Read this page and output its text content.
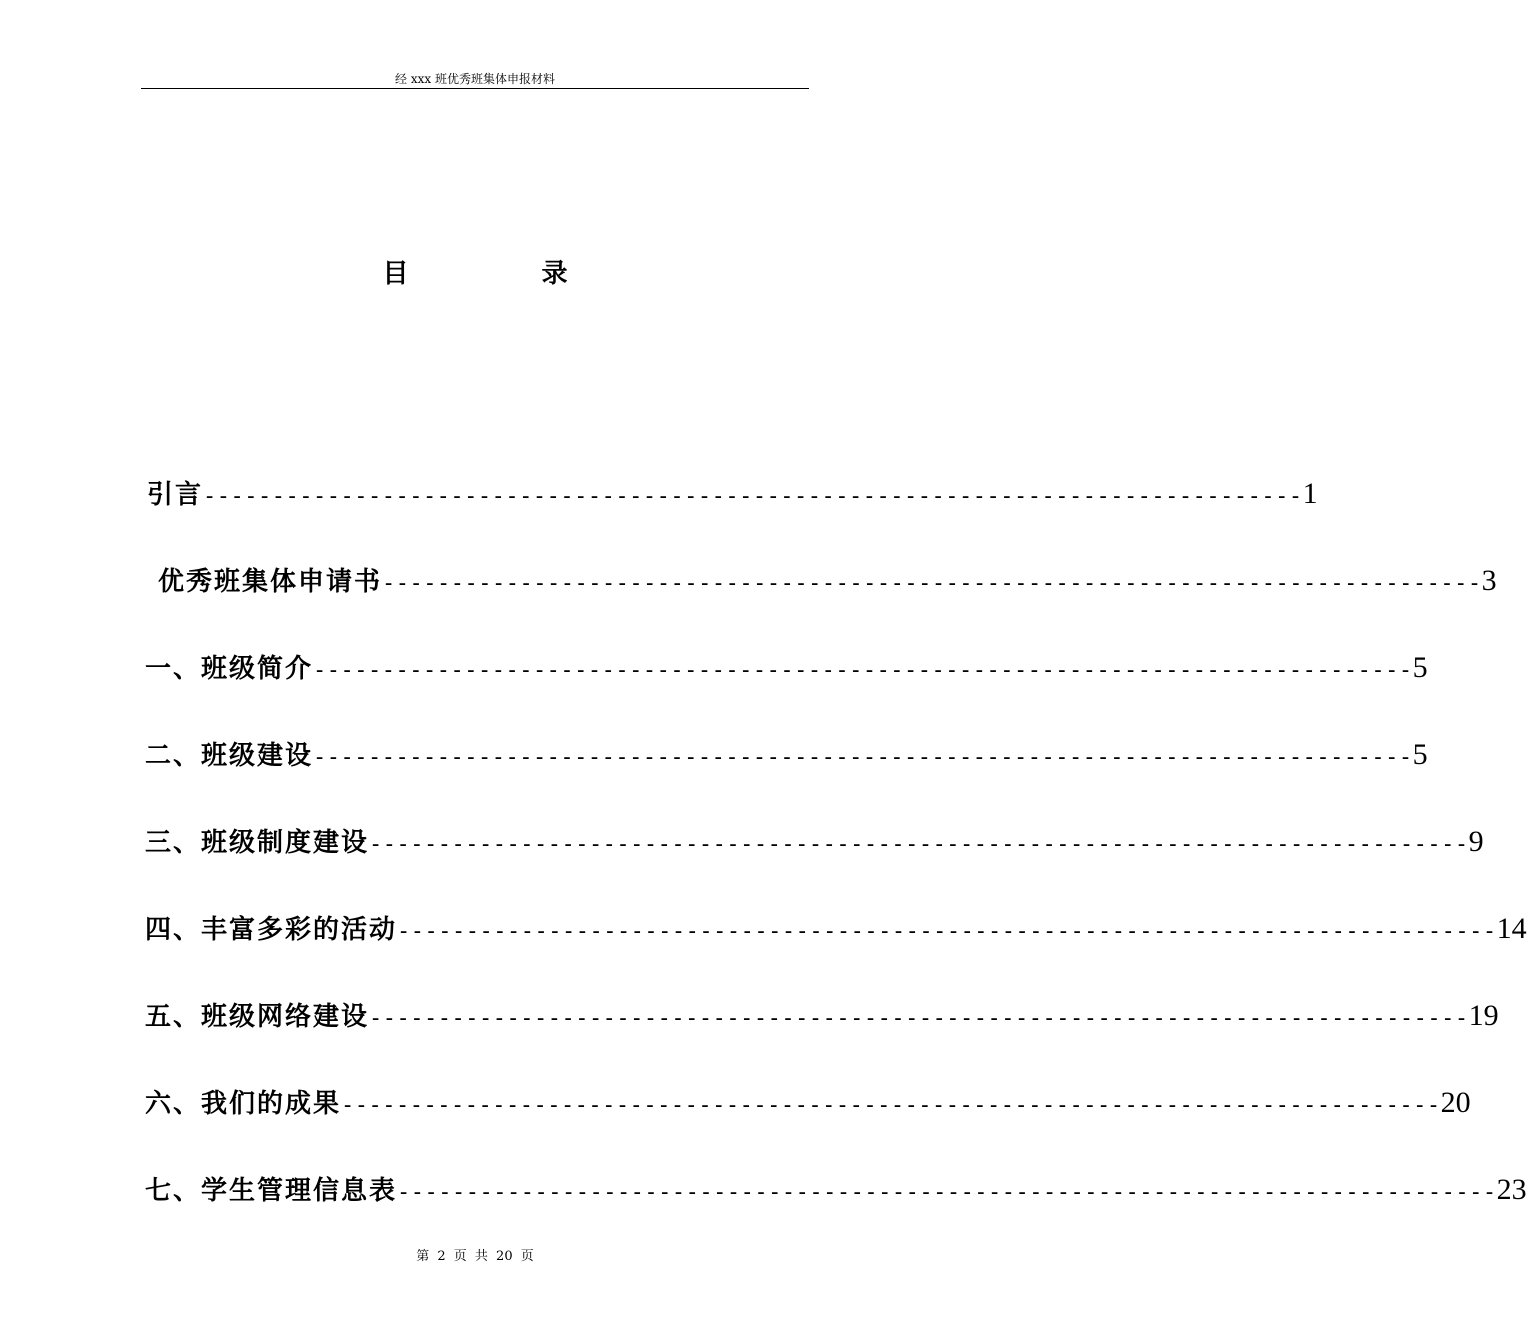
经 xxx 班优秀班集体申报材料
目 录
引言 -------------------------------------------------------------------------------- 1
优秀班集体申请书 -------------------------------------------------------------------------------- 3
一、班级简介 -------------------------------------------------------------------------------- 5
二、班级建设 -------------------------------------------------------------------------------- 5
三、班级制度建设 -------------------------------------------------------------------------------- 9
四、丰富多彩的活动 -------------------------------------------------------------------------------- 14
五、班级网络建设 -------------------------------------------------------------------------------- 19
六、我们的成果 -------------------------------------------------------------------------------- 20
七、学生管理信息表 -------------------------------------------------------------------------------- 23
第 2 页 共 20 页
